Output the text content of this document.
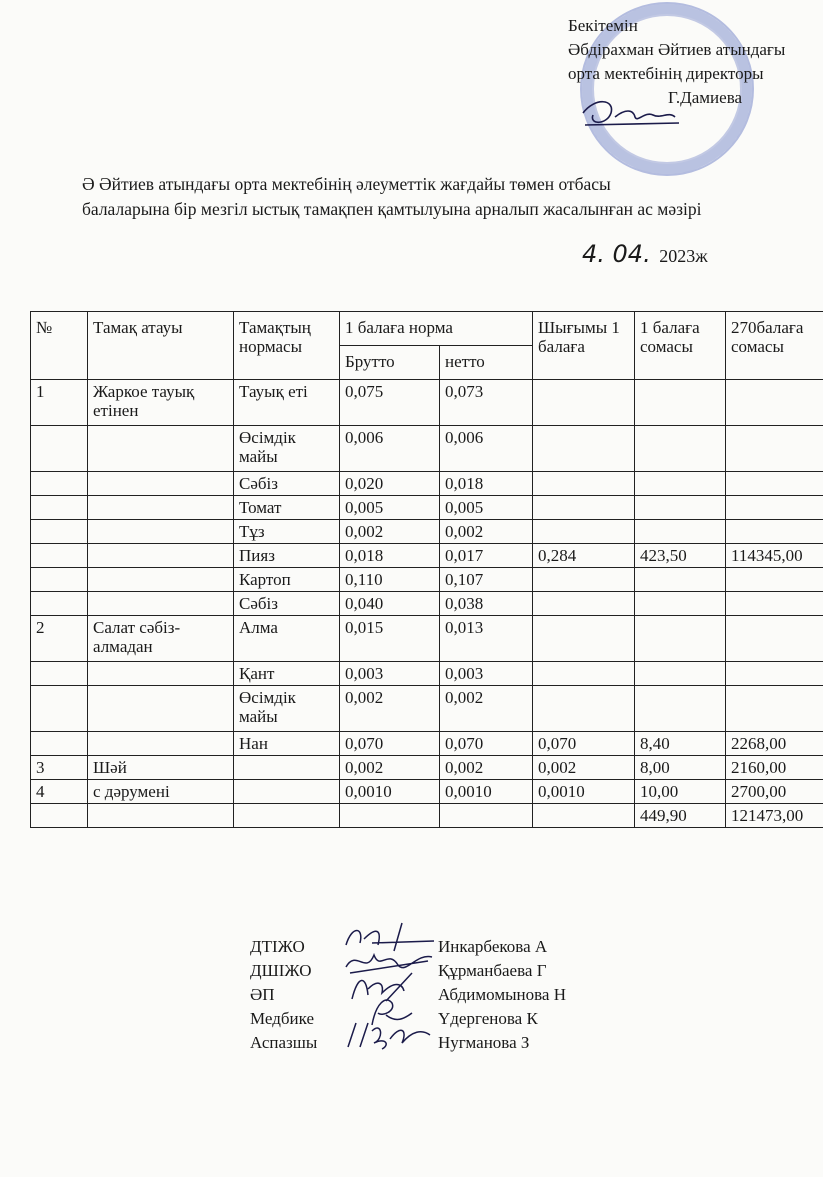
Бекітемін
Әбдірахман Әйтиев атындағы
орта мектебінің директоры
Г.Дамиева
Ә Әйтиев атындағы орта мектебінің әлеуметтік жағдайы төмен отбасы
балаларына бір мезгіл ыстық тамақпен қамтылуына арналып жасалынған ас мәзірі
4. 04. 2023ж
№	Тамақ атауы	Тамақтың нормасы	1 балаға норма		Шығымы 1 балаға	1 балаға сомасы	270балаға сомасы
			Брутто	нетто			
1	Жаркое тауық етінен	Тауық еті	0,075	0,073			
		Өсімдік майы	0,006	0,006			
		Сәбіз	0,020	0,018			
		Томат	0,005	0,005			
		Тұз	0,002	0,002			
		Пияз	0,018	0,017	0,284	423,50	114345,00
		Картоп	0,110	0,107			
		Сәбіз	0,040	0,038			
2	Салат сәбіз-алмадан	Алма	0,015	0,013			
		Қант	0,003	0,003			
		Өсімдік майы	0,002	0,002			
		Нан	0,070	0,070	0,070	8,40	2268,00
3	Шәй		0,002	0,002	0,002	8,00	2160,00
4	с дәрумені		0,0010	0,0010	0,0010	10,00	2700,00
						449,90	121473,00
ДТІЖО	Инкарбекова А
ДШІЖО	Құрманбаева Г
ӘП	Абдимомынова Н
Медбике	Үдергенова К
Аспазшы	Нугманова З
